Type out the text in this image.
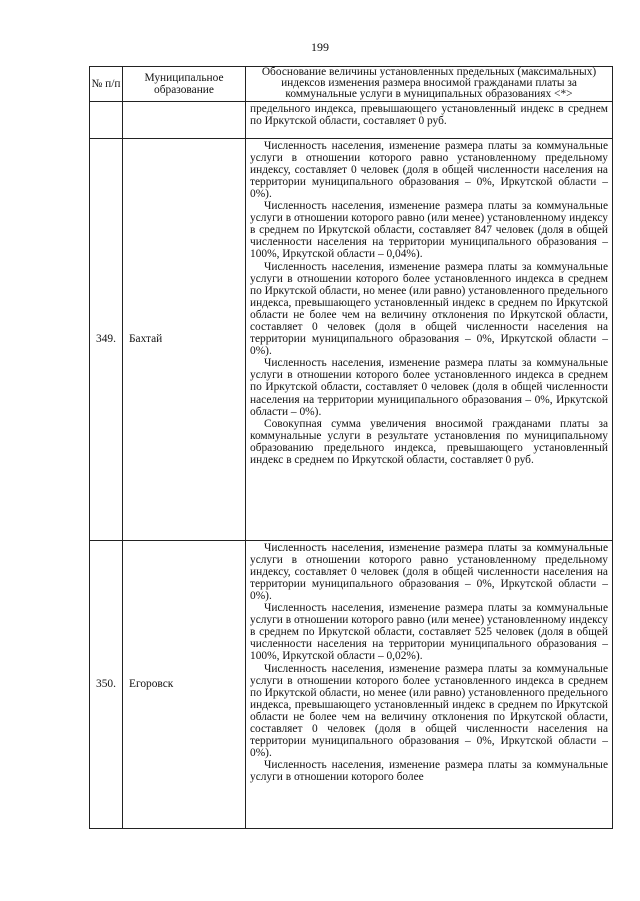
199
№ п/п	Муниципальное образование	Обоснование величины установленных предельных (максимальных) индексов изменения размера вносимой гражданами платы за коммунальные услуги в муниципальных образованиях <*>

		предельного индекса, превышающего установленный индекс в среднем по Иркутской области, составляет 0 руб.

349.	Бахтай	Численность населения, изменение размера платы за коммунальные услуги в отношении которого равно установленному предельному индексу, составляет 0 человек (доля в общей численности населения на территории муниципального образования – 0%, Иркутской области – 0%).

Численность населения, изменение размера платы за коммунальные услуги в отношении которого равно (или менее) установленному индексу в среднем по Иркутской области, составляет 847 человек (доля в общей численности населения на территории муниципального образования – 100%, Иркутской области – 0,04%).

Численность населения, изменение размера платы за коммунальные услуги в отношении которого более установленного индекса в среднем по Иркутской области, но менее (или равно) установленного предельного индекса, превышающего установленный индекс в среднем по Иркутской области не более чем на величину отклонения по Иркутской области, составляет 0 человек (доля в общей численности населения на территории муниципального образования – 0%, Иркутской области – 0%).

Численность населения, изменение размера платы за коммунальные услуги в отношении которого более установленного индекса в среднем по Иркутской области, составляет 0 человек (доля в общей численности населения на территории муниципального образования – 0%, Иркутской области – 0%).

Совокупная сумма увеличения вносимой гражданами платы за коммунальные услуги в результате установления по муниципальному образованию предельного индекса, превышающего установленный индекс в среднем по Иркутской области, составляет 0 руб.

350.	Егоровск	Численность населения, изменение размера платы за коммунальные услуги в отношении которого равно установленному предельному индексу, составляет 0 человек (доля в общей численности населения на территории муниципального образования – 0%, Иркутской области – 0%).

Численность населения, изменение размера платы за коммунальные услуги в отношении которого равно (или менее) установленному индексу в среднем по Иркутской области, составляет 525 человек (доля в общей численности населения на территории муниципального образования – 100%, Иркутской области – 0,02%).

Численность населения, изменение размера платы за коммунальные услуги в отношении которого более установленного индекса в среднем по Иркутской области, но менее (или равно) установленного предельного индекса, превышающего установленный индекс в среднем по Иркутской области не более чем на величину отклонения по Иркутской области, составляет 0 человек (доля в общей численности населения на территории муниципального образования – 0%, Иркутской области – 0%).

Численность населения, изменение размера платы за коммунальные услуги в отношении которого более
